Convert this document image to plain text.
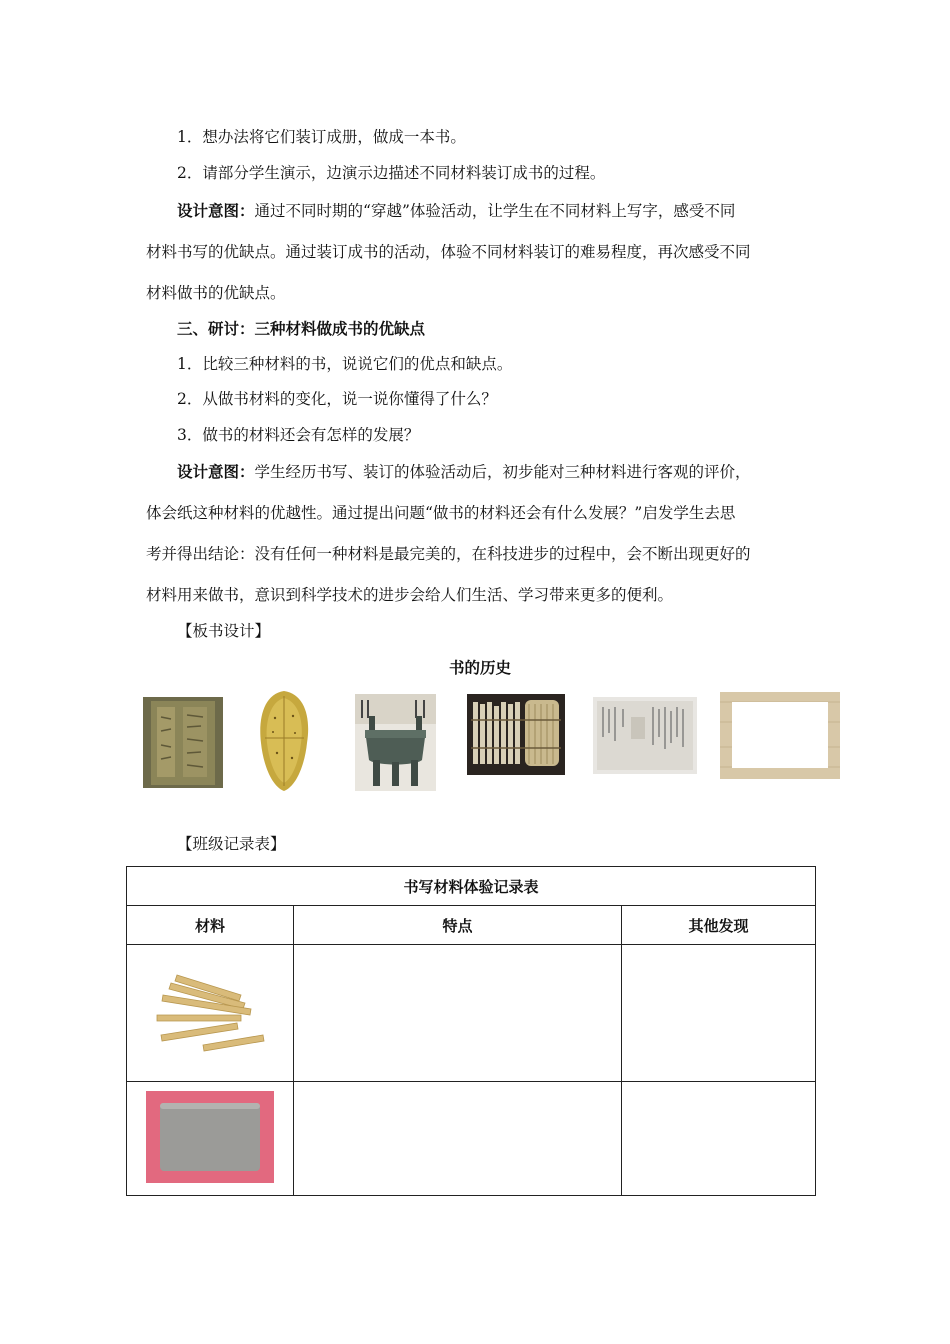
1．想办法将它们装订成册，做成一本书。
2．请部分学生演示，边演示边描述不同材料装订成书的过程。
设计意图：通过不同时期的“穿越”体验活动，让学生在不同材料上写字，感受不同
材料书写的优缺点。通过装订成书的活动，体验不同材料装订的难易程度，再次感受不同
材料做书的优缺点。
三、研讨：三种材料做成书的优缺点
1．比较三种材料的书，说说它们的优点和缺点。
2．从做书材料的变化，说一说你懂得了什么？
3．做书的材料还会有怎样的发展？
设计意图：学生经历书写、装订的体验活动后，初步能对三种材料进行客观的评价，
体会纸这种材料的优越性。通过提出问题“做书的材料还会有什么发展？”启发学生去思
考并得出结论：没有任何一种材料是最完美的，在科技进步的过程中，会不断出现更好的
材料用来做书，意识到科学技术的进步会给人们生活、学习带来更多的便利。
【板书设计】
书的历史
【班级记录表】
书写材料体验记录表		
材料	特点	其他发现
